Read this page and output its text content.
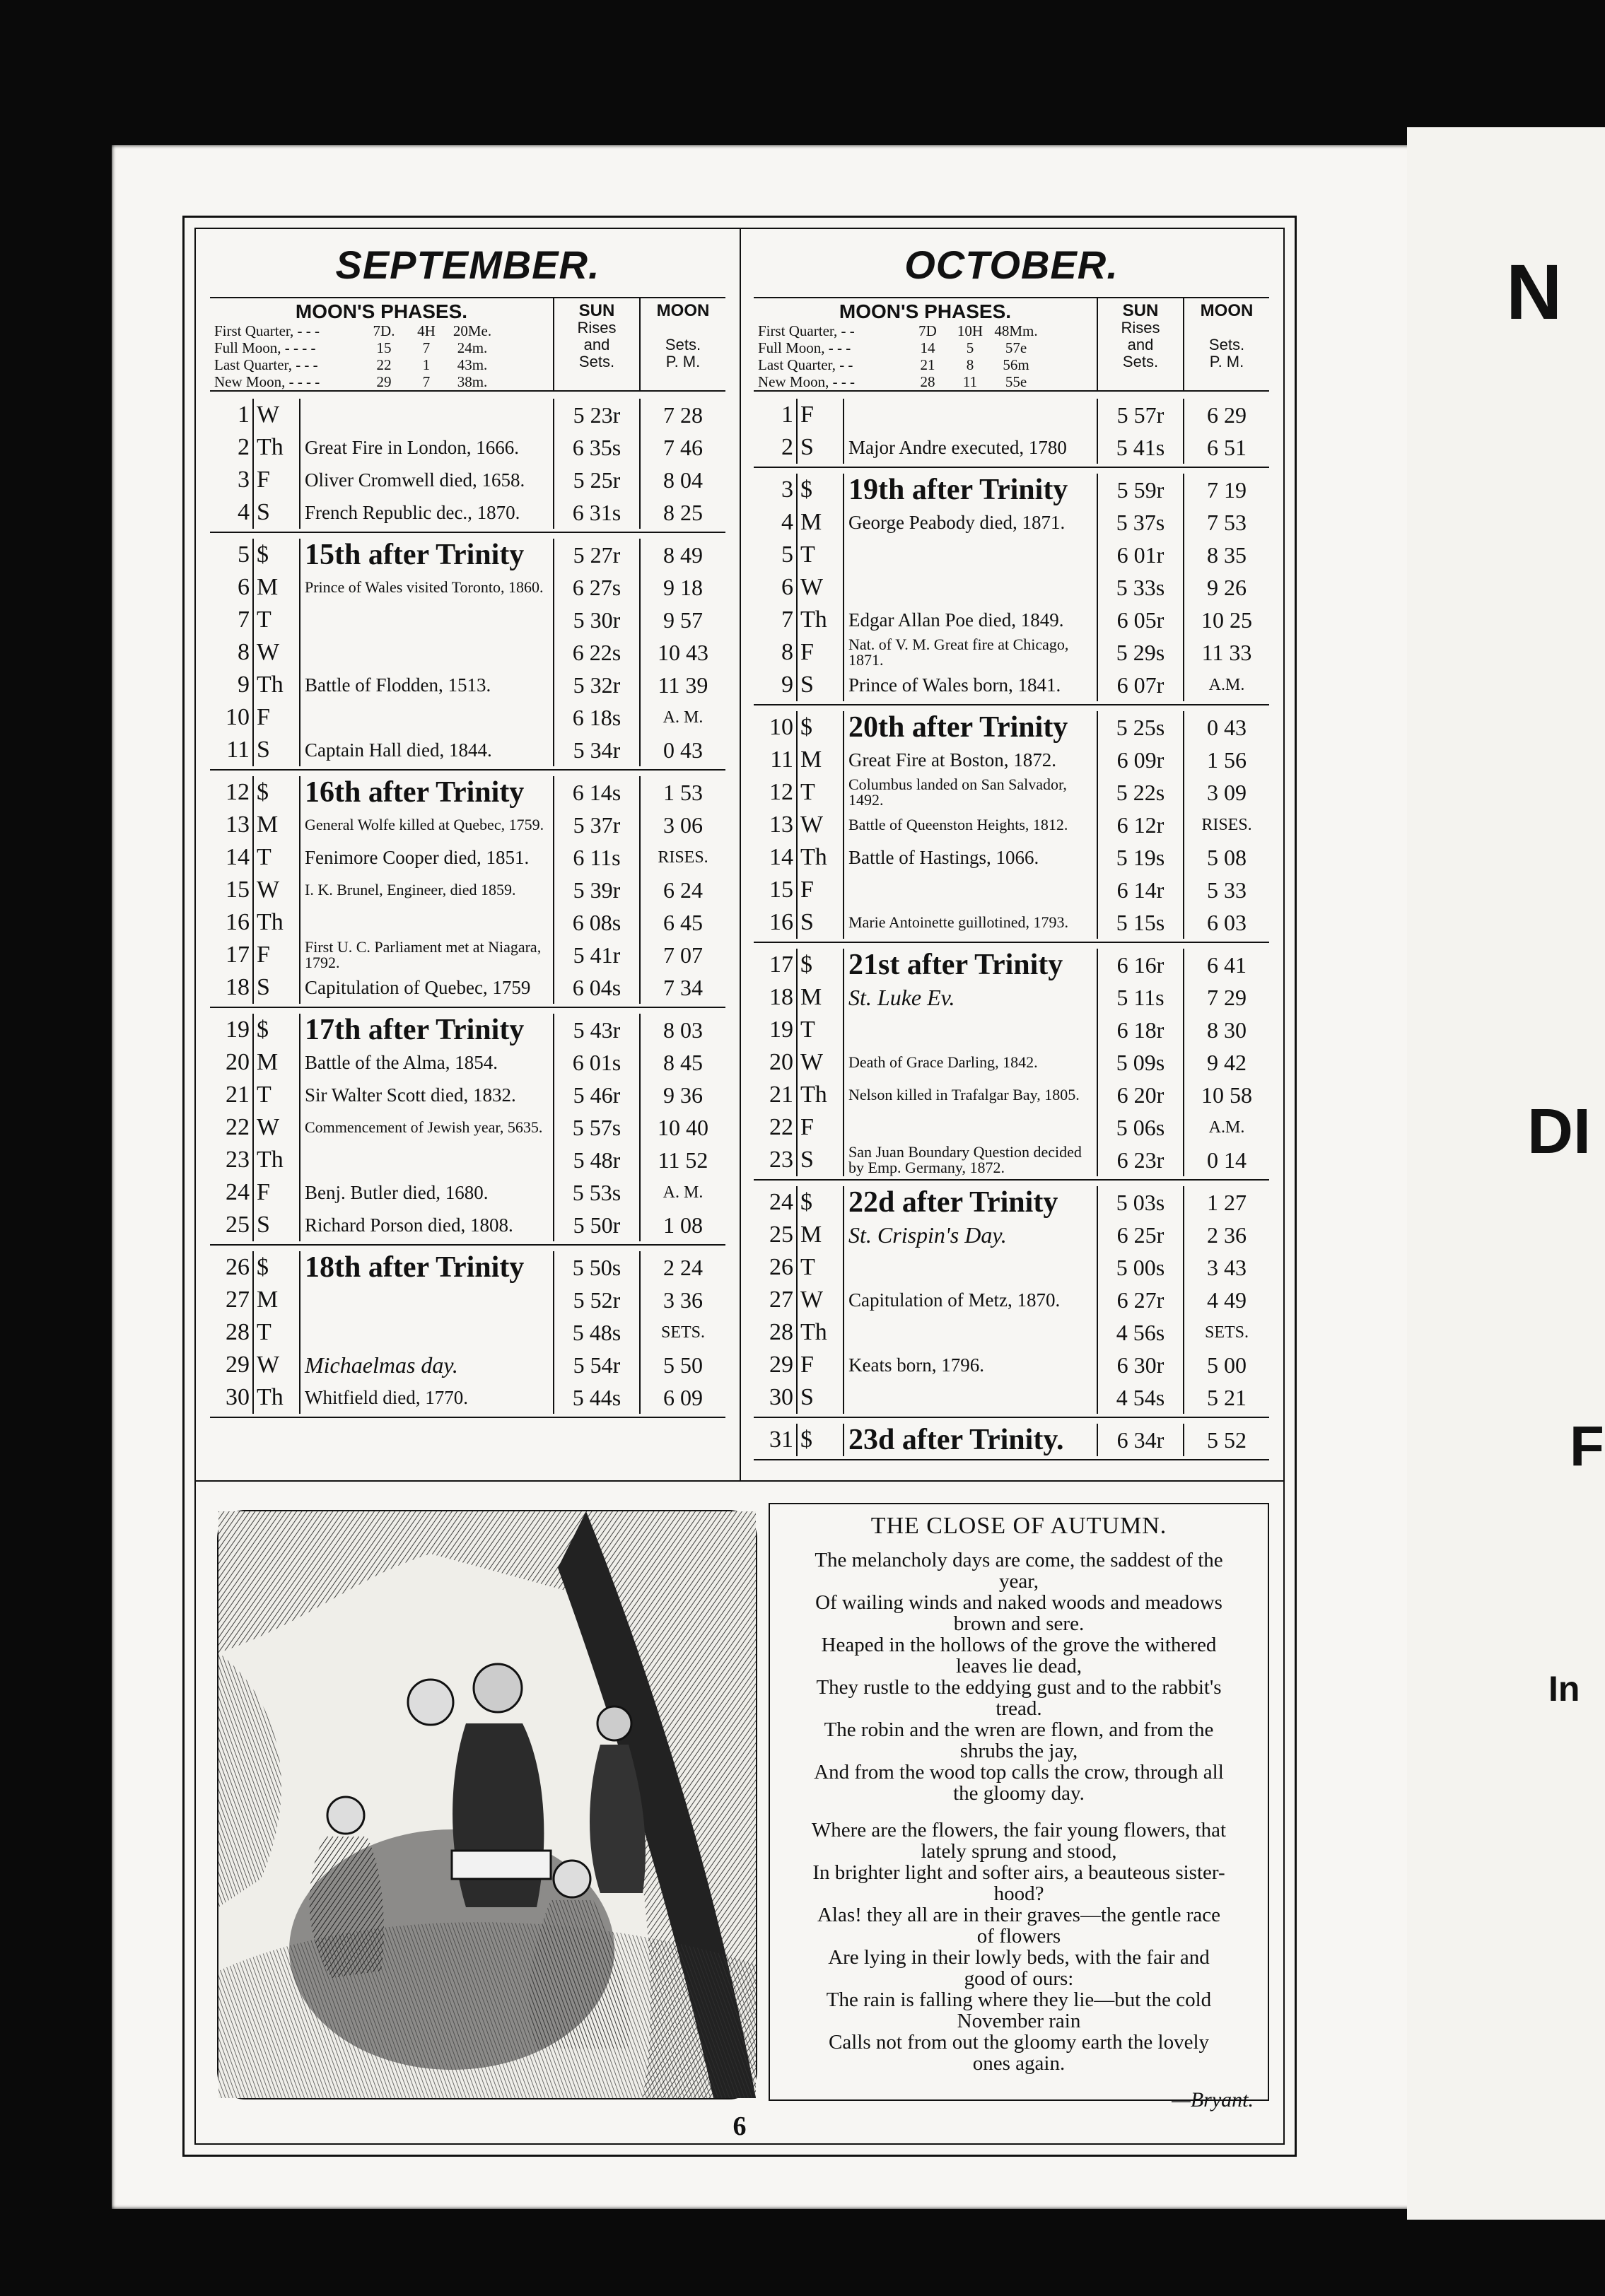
SEPTEMBER.
MOON'S PHASES.
First Quarter, - - -	7D.	4H	20Me.
Full Moon, - - - -	15	7	24m.
Last Quarter, - - -	22	1	43m.
New Moon, - - - -	29	7	38m.
SUN
Rises
and
Sets.
MOON
Sets.
P. M.
1 W	5 23r	7 28
2 Th	Great Fire in London, 1666.	6 35s	7 46
3 F	Oliver Cromwell died, 1658.	5 25r	8 04
4 S	French Republic dec., 1870.	6 31s	8 25
5 $	15th after Trinity	5 27r	8 49
6 M	Prince of Wales visited Toronto, 1860.	6 27s	9 18
7 T	5 30r	9 57
8 W	6 22s	10 43
9 Th	Battle of Flodden, 1513.	5 32r	11 39
10 F	6 18s	A. M.
11 S	Captain Hall died, 1844.	5 34r	0 43
12 $	16th after Trinity	6 14s	1 53
13 M	General Wolfe killed at Quebec, 1759.	5 37r	3 06
14 T	Fenimore Cooper died, 1851.	6 11s	RISES.
15 W	I. K. Brunel, Engineer, died 1859.	5 39r	6 24
16 Th	6 08s	6 45
17 F	First U. C. Parliament met at Niagara, 1792.	5 41r	7 07
18 S	Capitulation of Quebec, 1759	6 04s	7 34
19 $	17th after Trinity	5 43r	8 03
20 M	Battle of the Alma, 1854.	6 01s	8 45
21 T	Sir Walter Scott died, 1832.	5 46r	9 36
22 W	Commencement of Jewish year, 5635.	5 57s	10 40
23 Th	5 48r	11 52
24 F	Benj. Butler died, 1680.	5 53s	A. M.
25 S	Richard Porson died, 1808.	5 50r	1 08
26 $	18th after Trinity	5 50s	2 24
27 M	5 52r	3 36
28 T	5 48s	SETS.
29 W	Michaelmas day.	5 54r	5 50
30 Th	Whitfield died, 1770.	5 44s	6 09
OCTOBER.
MOON'S PHASES.
First Quarter, - -	7D	10H 48Mm.
Full Moon, - - -	14	5	57e
Last Quarter, - -	21	8	56m
New Moon, - - -	28	11	55e
SUN
Rises
and
Sets.
MOON
Sets.
P. M.
1 F	5 57r	6 29
2 S	Major Andre executed, 1780	5 41s	6 51
3 $	19th after Trinity	5 59r	7 19
4 M	George Peabody died, 1871.	5 37s	7 53
5 T	6 01r	8 35
6 W	5 33s	9 26
7 Th	Edgar Allan Poe died, 1849.	6 05r	10 25
8 F	Nat. of V. M. Great fire at Chicago, 1871.	5 29s	11 33
9 S	Prince of Wales born, 1841.	6 07r	A.M.
10 $	20th after Trinity	5 25s	0 43
11 M	Great Fire at Boston, 1872.	6 09r	1 56
12 T	Columbus landed on San Salvador, 1492.	5 22s	3 09
13 W	Battle of Queenston Heights, 1812.	6 12r	RISES.
14 Th	Battle of Hastings, 1066.	5 19s	5 08
15 F	6 14r	5 33
16 S	Marie Antoinette guillotined, 1793.	5 15s	6 03
17 $	21st after Trinity	6 16r	6 41
18 M	St. Luke Ev.	5 11s	7 29
19 T	6 18r	8 30
20 W	Death of Grace Darling, 1842.	5 09s	9 42
21 Th	Nelson killed in Trafalgar Bay, 1805.	6 20r	10 58
22 F	5 06s	A.M.
23 S	San Juan Boundary Question decided by Emp. Germany, 1872.	6 23r	0 14
24 $	22d after Trinity	5 03s	1 27
25 M	St. Crispin's Day.	6 25r	2 36
26 T	5 00s	3 43
27 W	Capitulation of Metz, 1870.	6 27r	4 49
28 Th	4 56s	SETS.
29 F	Keats born, 1796.	6 30r	5 00
30 S	4 54s	5 21
31 $	23d after Trinity.	6 34r	5 52
THE CLOSE OF AUTUMN.
The melancholy days are come, the saddest of the
year,
Of wailing winds and naked woods and meadows
brown and sere.
Heaped in the hollows of the grove the withered
leaves lie dead,
They rustle to the eddying gust and to the rabbit's
tread.
The robin and the wren are flown, and from the
shrubs the jay,
And from the wood top calls the crow, through all
the gloomy day.
Where are the flowers, the fair young flowers, that
lately sprung and stood,
In brighter light and softer airs, a beauteous sister-
hood?
Alas! they all are in their graves—the gentle race
of flowers
Are lying in their lowly beds, with the fair and
good of ours:
The rain is falling where they lie—but the cold
November rain
Calls not from out the gloomy earth the lovely
ones again.
—Bryant.
6
N
DI
F
In
